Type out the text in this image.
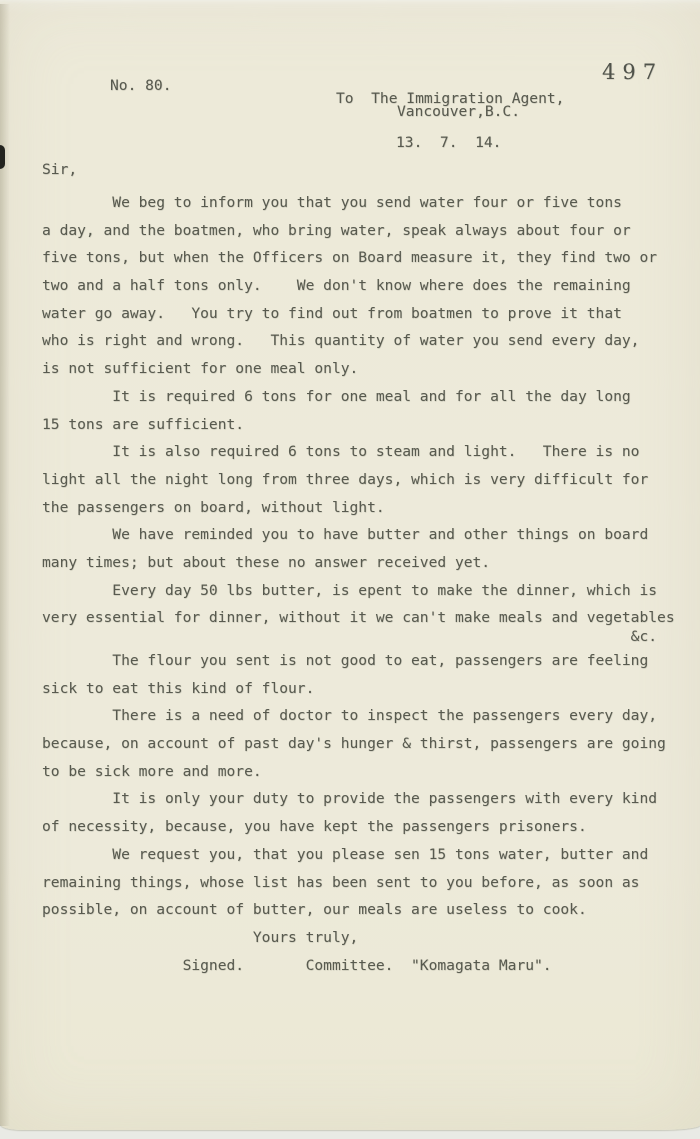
497
No. 80.
To  The Immigration Agent,
Vancouver,B.C.
13.  7.  14.
Sir,
We beg to inform you that you send water four or five tons
a day, and the boatmen, who bring water, speak always about four or
five tons, but when the Officers on Board measure it, they find two or
two and a half tons only.    We don't know where does the remaining
water go away.   You try to find out from boatmen to prove it that
who is right and wrong.   This quantity of water you send every day,
is not sufficient for one meal only.
It is required 6 tons for one meal and for all the day long
15 tons are sufficient.
It is also required 6 tons to steam and light.   There is no
light all the night long from three days, which is very difficult for
the passengers on board, without light.
We have reminded you to have butter and other things on board
many times; but about these no answer received yet.
Every day 50 lbs butter, is epent to make the dinner, which is
very essential for dinner, without it we can't make meals and vegetables
&c.
The flour you sent is not good to eat, passengers are feeling
sick to eat this kind of flour.
There is a need of doctor to inspect the passengers every day,
because, on account of past day's hunger & thirst, passengers are going
to be sick more and more.
It is only your duty to provide the passengers with every kind
of necessity, because, you have kept the passengers prisoners.
We request you, that you please sen 15 tons water, butter and
remaining things, whose list has been sent to you before, as soon as
possible, on account of butter, our meals are useless to cook.
Yours truly,
Signed.       Committee.  "Komagata Maru".
